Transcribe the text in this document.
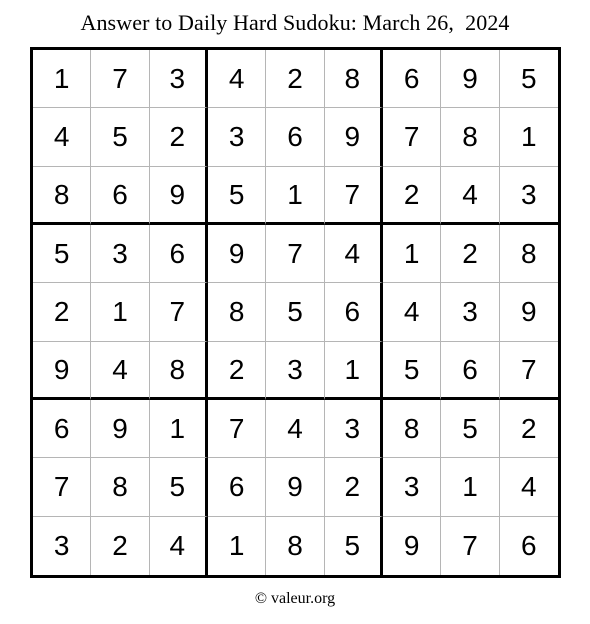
Answer to Daily Hard Sudoku: March 26,  2024
1	7	3	4	2	8	6	9	5
4	5	2	3	6	9	7	8	1
8	6	9	5	1	7	2	4	3
5	3	6	9	7	4	1	2	8
2	1	7	8	5	6	4	3	9
9	4	8	2	3	1	5	6	7
6	9	1	7	4	3	8	5	2
7	8	5	6	9	2	3	1	4
3	2	4	1	8	5	9	7	6
© valeur.org
